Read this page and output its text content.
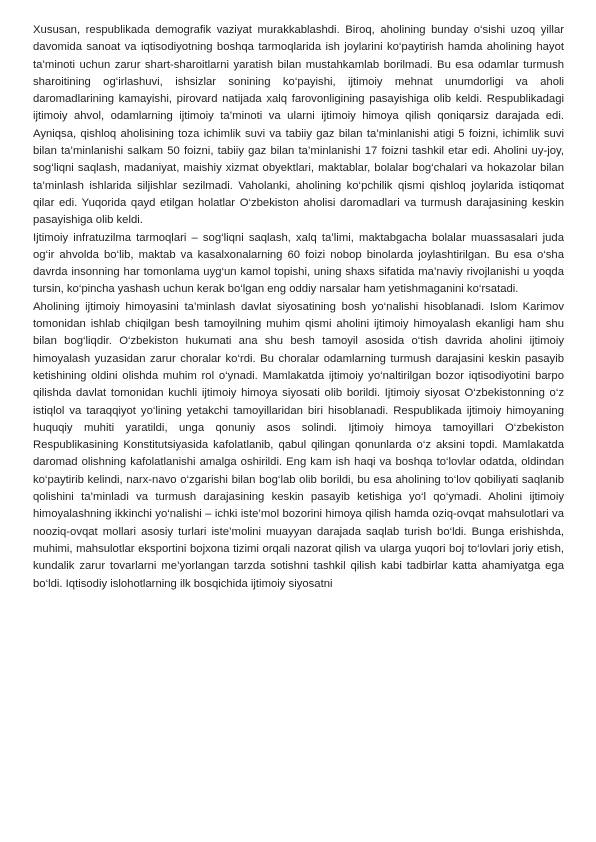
Xususan, respublikada demografik vaziyat murakkablashdi. Biroq, aholining bunday o‘sishi uzoq yillar davomida sanoat va iqtisodiyotning boshqa tarmoqlarida ish joylarini ko‘paytirish hamda aholining hayot ta’minoti uchun zarur shart-sharoitlarni yaratish bilan mustahkamlab borilmadi. Bu esa odamlar turmush sharoitining og‘irlashuvi, ishsizlar sonining ko‘payishi, ijtimoiy mehnat unumdorligi va aholi daromadlarining kamayishi, pirovard natijada xalq farovonligining pasayishiga olib keldi. Respublikadagi ijtimoiy ahvol, odamlarning ijtimoiy ta’minoti va ularni ijtimoiy himoya qilish qoniqarsiz darajada edi. Ayniqsa, qishloq aholisining toza ichimlik suvi va tabiiy gaz bilan ta’minlanishi atigi 5 foizni, ichimlik suvi bilan ta’minlanishi salkam 50 foizni, tabiiy gaz bilan ta’minlanishi 17 foizni tashkil etar edi. Aholini uy-joy, sog‘liqni saqlash, madaniyat, maishiy xizmat obyektlari, maktablar, bolalar bog‘chalari va hokazolar bilan ta’minlash ishlarida siljishlar sezilmadi. Vaholanki, aholining ko‘pchilik qismi qishloq joylarida istiqomat qilar edi. Yuqorida qayd etilgan holatlar O‘zbekiston aholisi daromadlari va turmush darajasining keskin pasayishiga olib keldi.

Ijtimoiy infratuzilma tarmoqlari – sog‘liqni saqlash, xalq ta’limi, maktabgacha bolalar muassasalari juda og‘ir ahvolda bo‘lib, maktab va kasalxonalarning 60 foizi nobop binolarda joylashtirilgan. Bu esa o‘sha davrda insonning har tomonlama uyg‘un kamol topishi, uning shaxs sifatida ma’naviy rivojlanishi u yoqda tursin, ko‘pincha yashash uchun kerak bo‘lgan eng oddiy narsalar ham yetishmaganini ko‘rsatadi.

Aholining ijtimoiy himoyasini ta’minlash davlat siyosatining bosh yo‘nalishi hisoblanadi. Islom Karimov tomonidan ishlab chiqilgan besh tamoyilning muhim qismi aholini ijtimoiy himoyalash ekanligi ham shu bilan bog‘liqdir. O‘zbekiston hukumati ana shu besh tamoyil asosida o‘tish davrida aholini ijtimoiy himoyalash yuzasidan zarur choralar ko‘rdi. Bu choralar odamlarning turmush darajasini keskin pasayib ketishining oldini olishda muhim rol o‘ynadi. Mamlakatda ijtimoiy yo‘naltirilgan bozor iqtisodiyotini barpo qilishda davlat tomonidan kuchli ijtimoiy himoya siyosati olib borildi. Ijtimoiy siyosat O‘zbekistonning o‘z istiqlol va taraqqiyot yo‘lining yetakchi tamoyillaridan biri hisoblanadi. Respublikada ijtimoiy himoyaning huquqiy muhiti yaratildi, unga qonuniy asos solindi. Ijtimoiy himoya tamoyillari O‘zbekiston Respublikasining Konstitutsiyasida kafolatlanib, qabul qilingan qonunlarda o‘z aksini topdi. Mamlakatda daromad olishning kafolatlanishi amalga oshirildi. Eng kam ish haqi va boshqa to‘lovlar odatda, oldindan ko‘paytirib kelindi, narx-navo o‘zgarishi bilan bog‘lab olib borildi, bu esa aholining to‘lov qobiliyati saqlanib qolishini ta’minladi va turmush darajasining keskin pasayib ketishiga yo‘l qo‘ymadi. Aholini ijtimoiy himoyalashning ikkinchi yo‘nalishi – ichki iste’mol bozorini himoya qilish hamda oziq-ovqat mahsulotlari va nooziq-ovqat mollari asosiy turlari iste’molini muayyan darajada saqlab turish bo‘ldi. Bunga erishishda, muhimi, mahsulotlar eksportini bojxona tizimi orqali nazorat qilish va ularga yuqori boj to‘lovlari joriy etish, kundalik zarur tovarlarni me’yorlangan tarzda sotishni tashkil qilish kabi tadbirlar katta ahamiyatga ega bo‘ldi. Iqtisodiy islohotlarning ilk bosqichida ijtimoiy siyosatni
